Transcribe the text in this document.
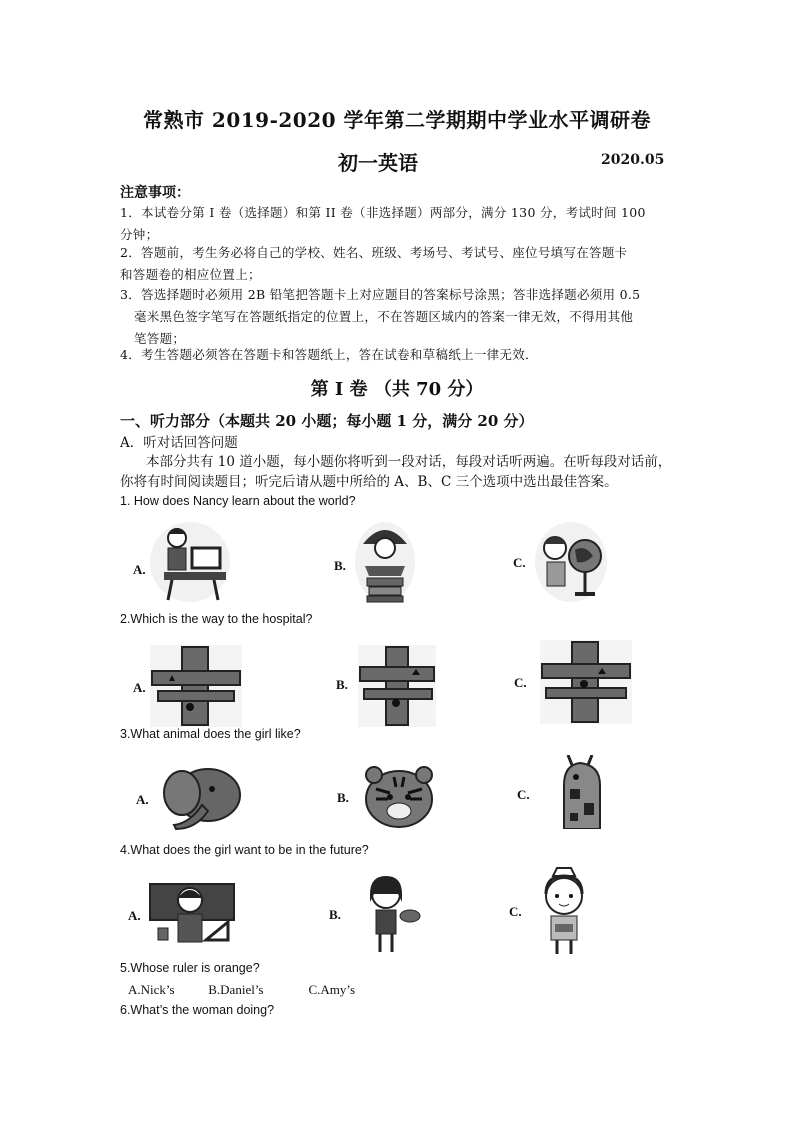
常熟市 2019-2020 学年第二学期期中学业水平调研卷
初一英语	2020.05
注意事项：
1．本试卷分第 I 卷（选择题）和第 II 卷（非选择题）两部分，满分 130 分，考试时间 100
分钟；
2．答题前，考生务必将自己的学校、姓名、班级、考场号、考试号、座位号填写在答题卡
和答题卷的相应位置上；
3．答选择题时必须用 2B 铅笔把答题卡上对应题目的答案标号涂黑；答非选择题必须用 0.5
毫米黑色签字笔写在答题纸指定的位置上，不在答题区域内的答案一律无效，不得用其他
笔答题；
4．考生答题必须答在答题卡和答题纸上，答在试卷和草稿纸上一律无效．
第 I 卷 （共 70 分）
一、听力部分（本题共 20 小题；每小题 1 分，满分 20 分）
A．听对话回答问题
本部分共有 10 道小题，每小题你将听到一段对话，每段对话听两遍。在听每段对话前，你将有时间阅读题目；听完后请从题中所给的 A、B、C 三个选项中选出最佳答案。
1. How does Nancy learn about the world?
A.	B.	C.
2.Which is the way to the hospital?
A.	B.	C.
3.What animal does the girl like?
A.	B.	C.
4.What does the girl want to be in the future?
A.	B.	C.
5.Whose ruler is orange?
A.Nick’s	B.Daniel’s	C.Amy’s
6.What’s the woman doing?
